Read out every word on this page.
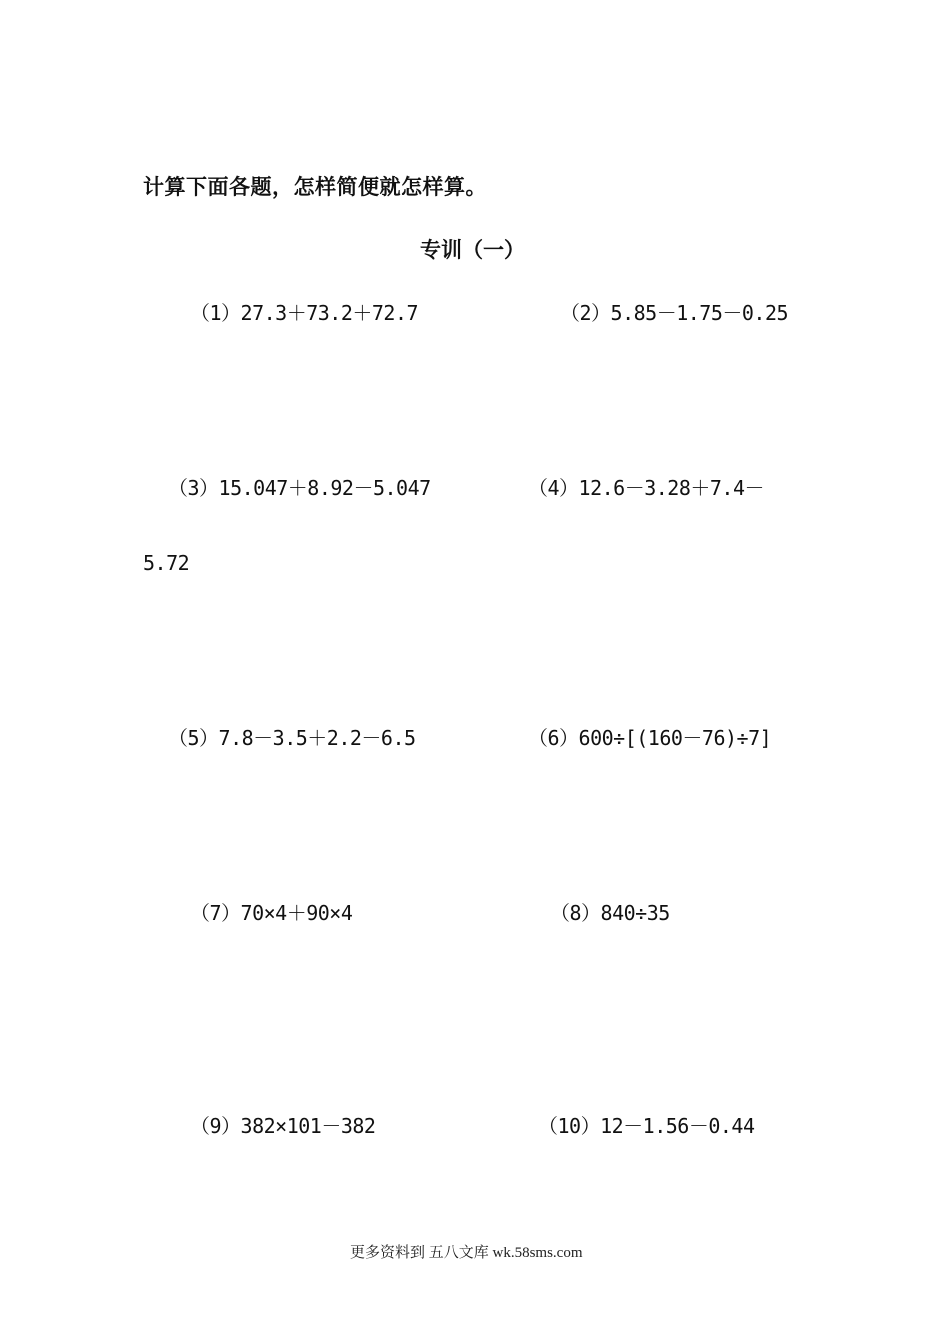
计算下面各题，怎样简便就怎样算。
专训（一）
（1）27.3＋73.2＋72.7	（2）5.85－1.75－0.25
（3）15.047＋8.92－5.047	（4）12.6－3.28＋7.4－
5.72
（5）7.8－3.5＋2.2－6.5	（6）600÷[(160－76)÷7]
（7）70×4＋90×4	（8）840÷35
（9）382×101－382	（10）12－1.56－0.44
更多资料到 五八文库 wk.58sms.com
